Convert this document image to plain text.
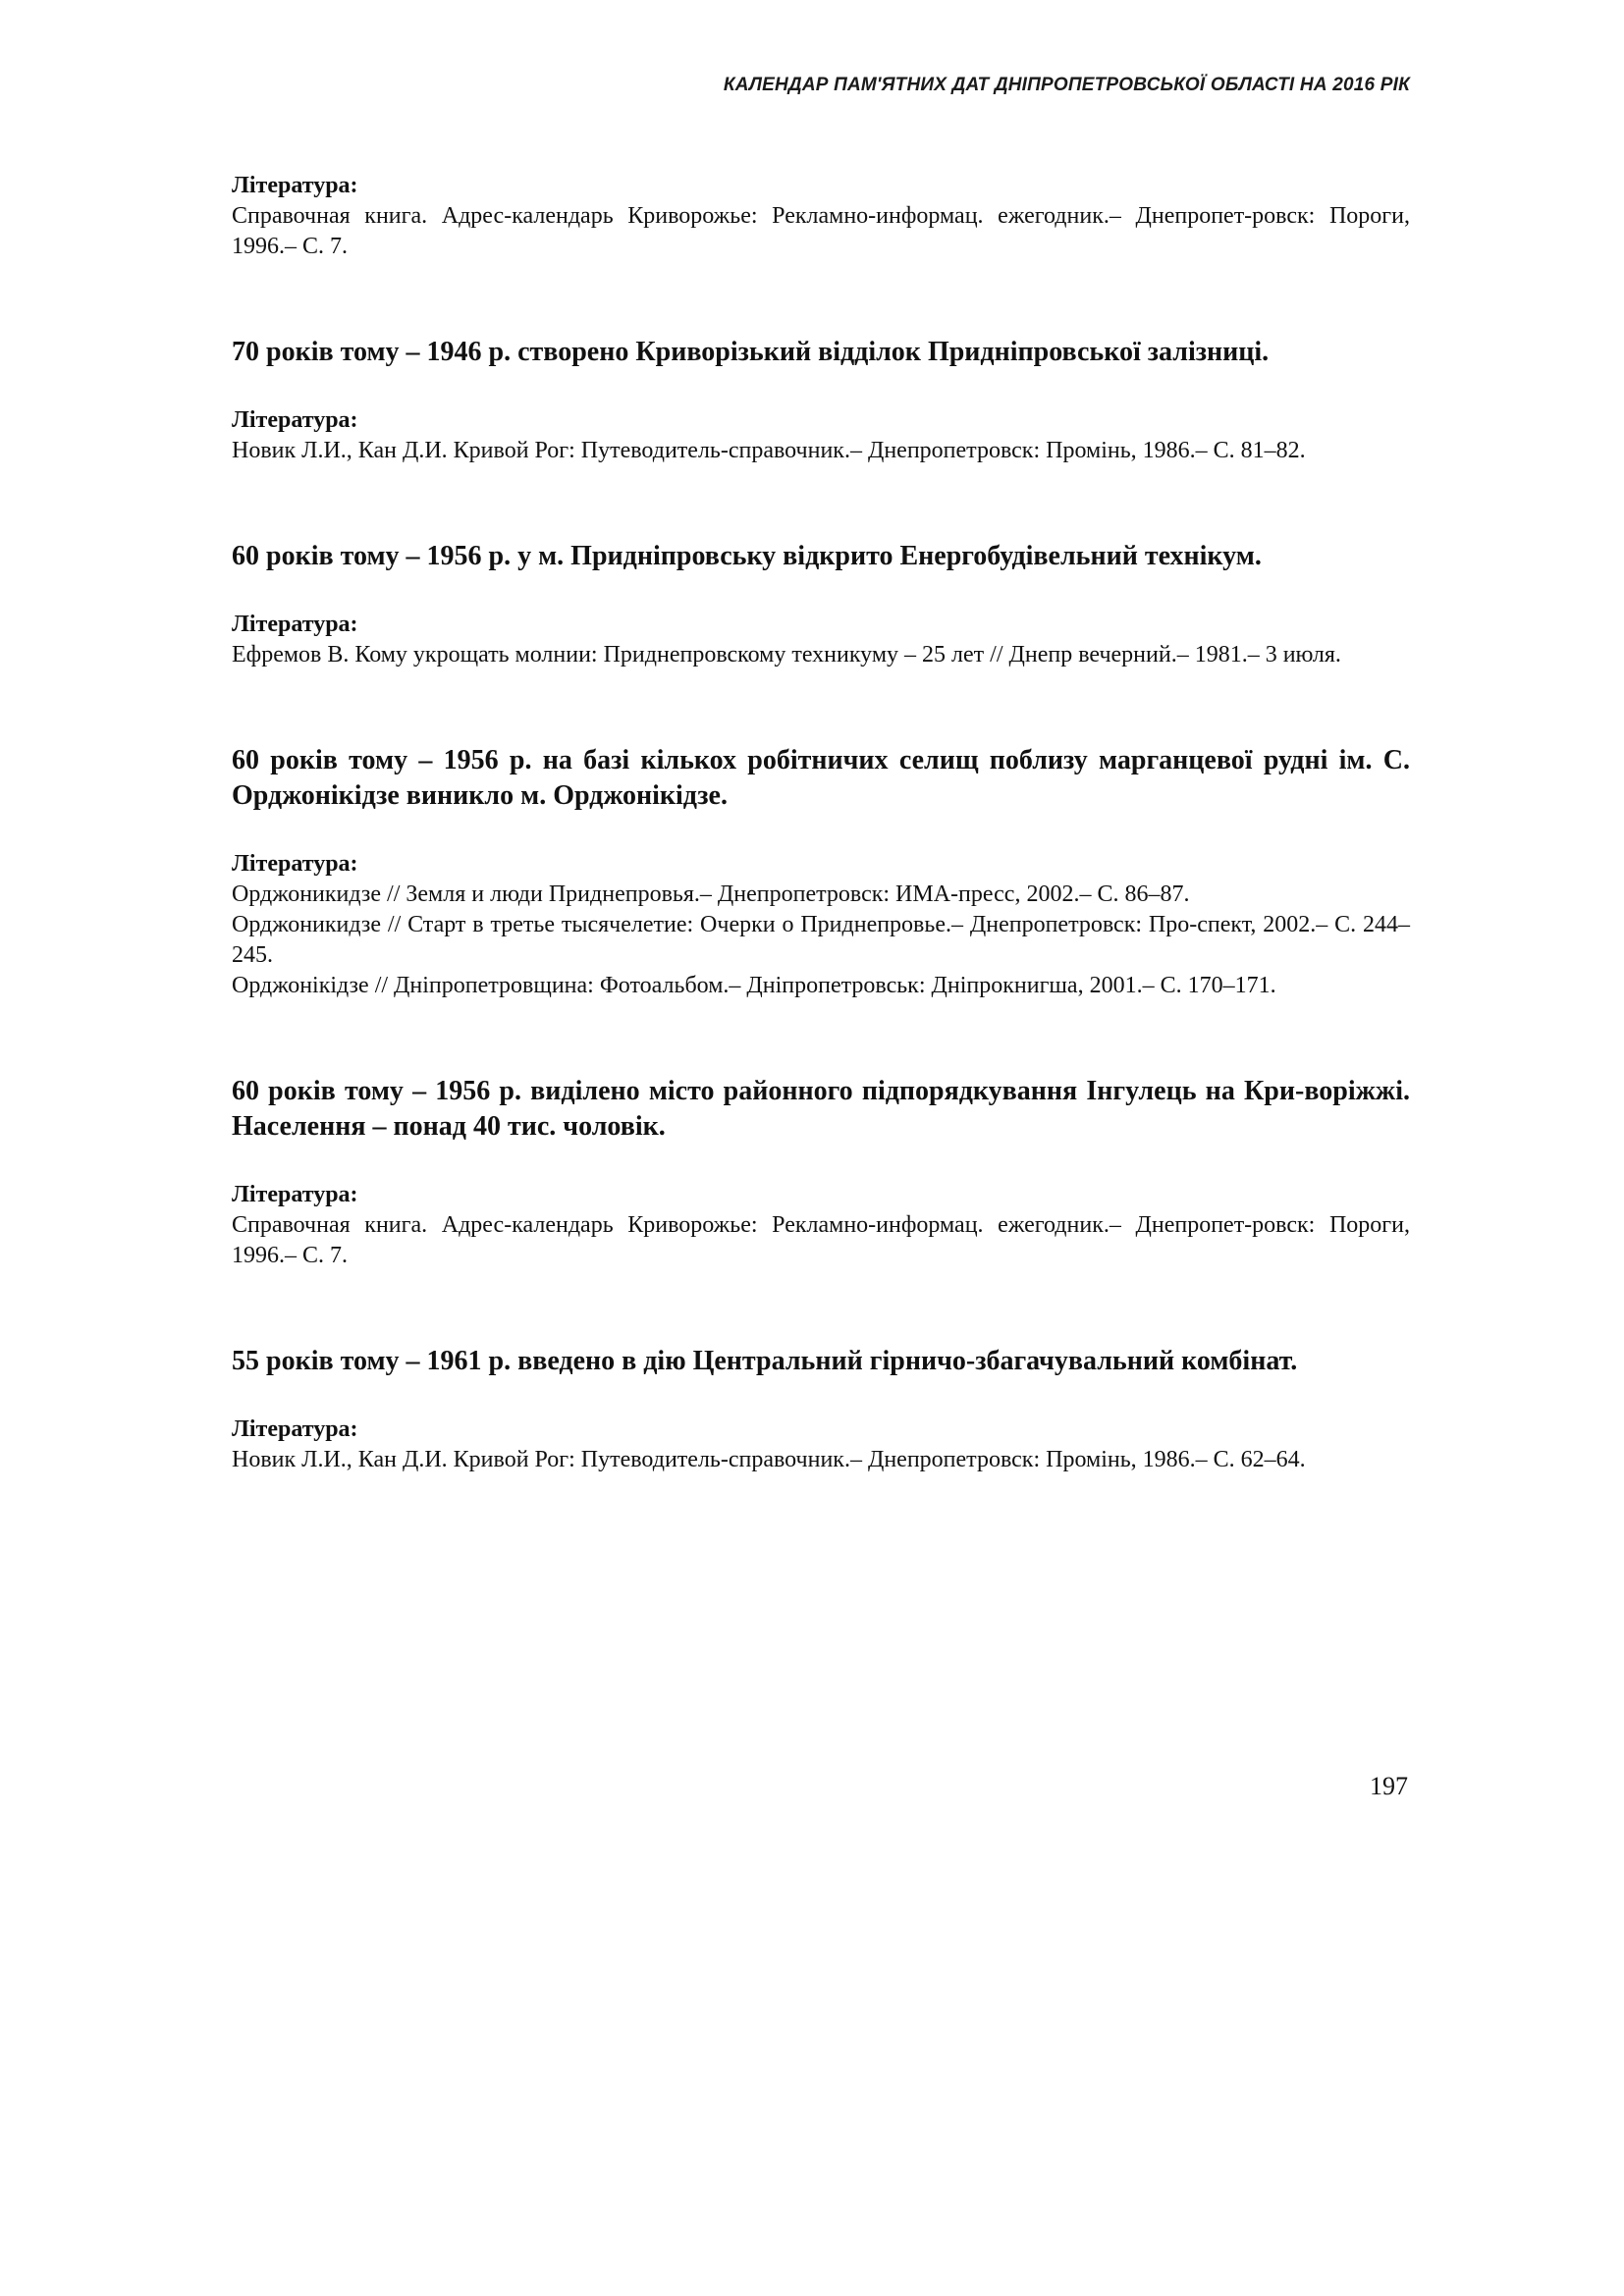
КАЛЕНДАР ПАМ'ЯТНИХ ДАТ ДНІПРОПЕТРОВСЬКОЇ ОБЛАСТІ НА 2016 РІК

Література:

Справочная книга. Адрес-календарь Криворожье: Рекламно-информац. ежегодник.– Днепропет-ровск: Пороги, 1996.– С. 7.

70 років тому – 1946 р. створено Криворізький відділок Придніпровської залізниці.

Література:

Новик Л.И., Кан Д.И. Кривой Рог: Путеводитель-справочник.– Днепропетровск: Промінь, 1986.– С. 81–82.

60 років тому – 1956 р. у м. Придніпровську відкрито Енергобудівельний технікум.

Література:

Ефремов В. Кому укрощать молнии: Приднепровскому техникуму – 25 лет // Днепр вечерний.– 1981.– 3 июля.

60 років тому – 1956 р. на базі кількох робітничих селищ поблизу марганцевої рудні ім. С. Орджонікідзе виникло м. Орджонікідзе.

Література:

Орджоникидзе // Земля и люди Приднепровья.– Днепропетровск: ИМА-пресс, 2002.– С. 86–87.

Орджоникидзе // Старт в третье тысячелетие: Очерки о Приднепровье.– Днепропетровск: Про-спект, 2002.– С. 244–245.

Орджонікідзе // Дніпропетровщина: Фотоальбом.– Дніпропетровськ: Дніпрокнигша, 2001.– С. 170–171.

60 років тому – 1956 р. виділено місто районного підпорядкування Інгулець на Кри-воріжжі. Населення – понад 40 тис. чоловік.

Література:

Справочная книга. Адрес-календарь Криворожье: Рекламно-информац. ежегодник.– Днепропет-ровск: Пороги, 1996.– С. 7.

55 років тому – 1961 р. введено в дію Центральний гірничо-збагачувальний комбінат.

Література:

Новик Л.И., Кан Д.И. Кривой Рог: Путеводитель-справочник.– Днепропетровск: Промінь, 1986.– С. 62–64.

197
